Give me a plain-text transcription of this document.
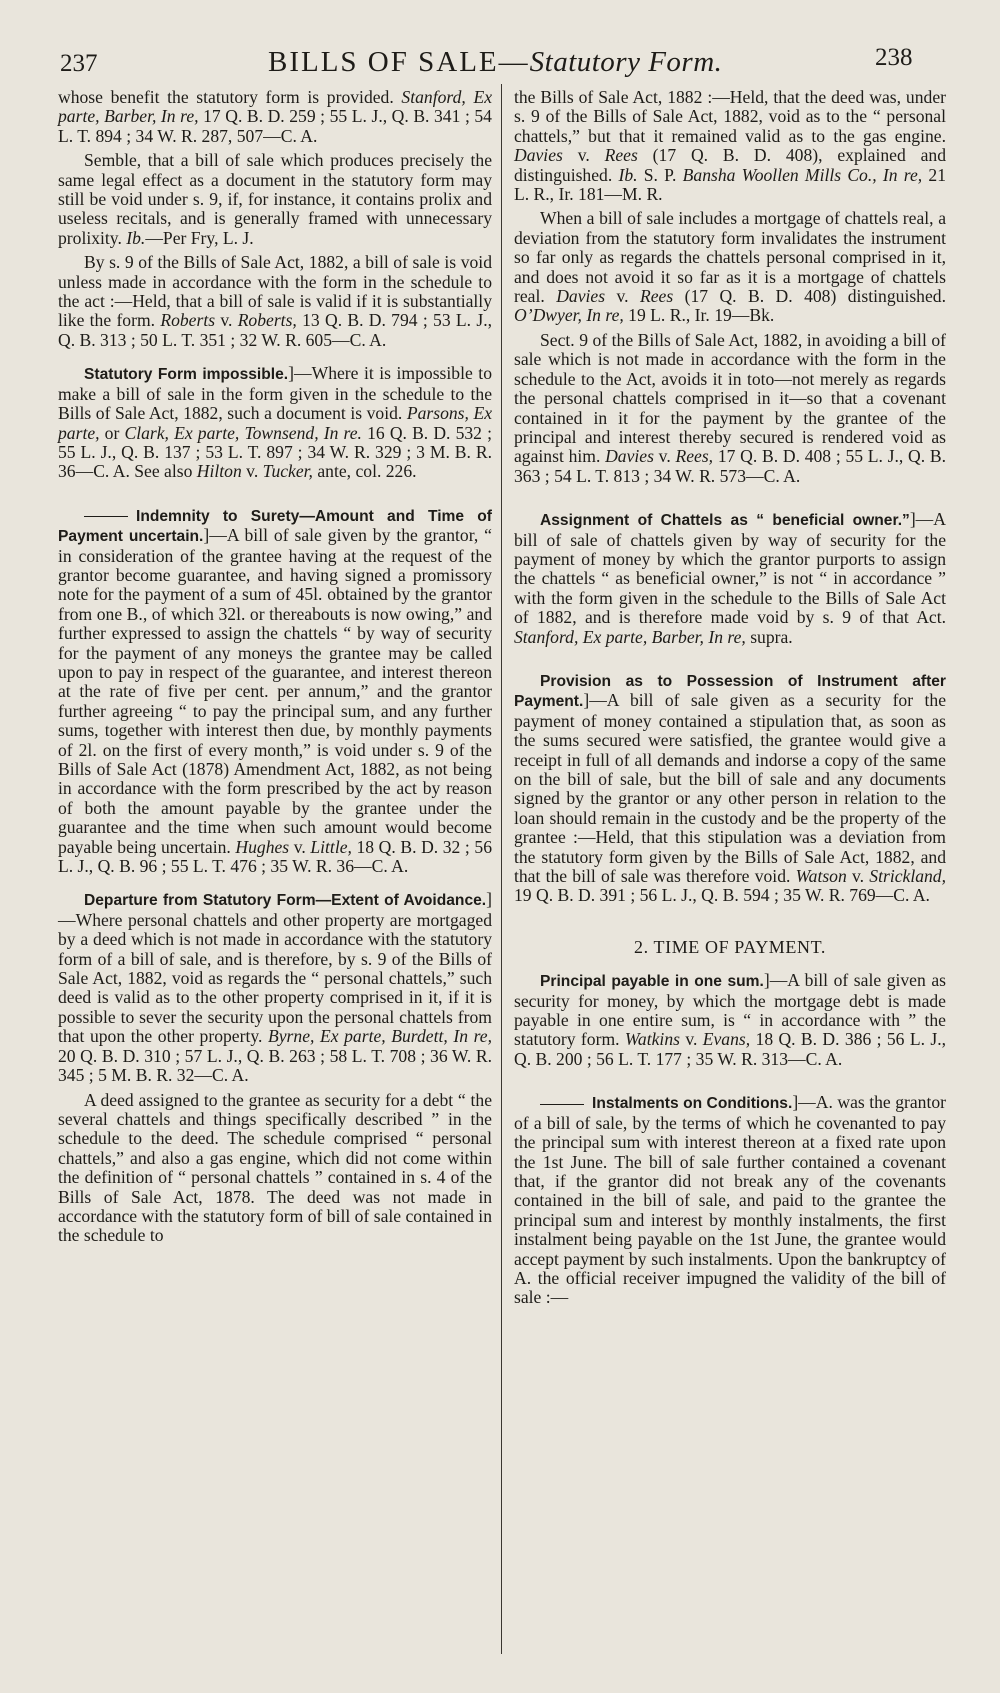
237	BILLS OF SALE—Statutory Form.	238

whose benefit the statutory form is provided. Stanford, Ex parte, Barber, In re, 17 Q. B. D. 259 ; 55 L. J., Q. B. 341 ; 54 L. T. 894 ; 34 W. R. 287, 507—C. A.

Semble, that a bill of sale which produces precisely the same legal effect as a document in the statutory form may still be void under s. 9, if, for instance, it contains prolix and useless recitals, and is generally framed with unnecessary prolixity. Ib.—Per Fry, L. J.

By s. 9 of the Bills of Sale Act, 1882, a bill of sale is void unless made in accordance with the form in the schedule to the act :—Held, that a bill of sale is valid if it is substantially like the form. Roberts v. Roberts, 13 Q. B. D. 794 ; 53 L. J., Q. B. 313 ; 50 L. T. 351 ; 32 W. R. 605—C. A.

Statutory Form impossible.]—Where it is impossible to make a bill of sale in the form given in the schedule to the Bills of Sale Act, 1882, such a document is void. Parsons, Ex parte, or Clark, Ex parte, Townsend, In re. 16 Q. B. D. 532 ; 55 L. J., Q. B. 137 ; 53 L. T. 897 ; 34 W. R. 329 ; 3 M. B. R. 36—C. A. See also Hilton v. Tucker, ante, col. 226.

Indemnity to Surety—Amount and Time of Payment uncertain.]—A bill of sale given by the grantor, “ in consideration of the grantee having at the request of the grantor become guarantee, and having signed a promissory note for the payment of a sum of 45l. obtained by the grantor from one B., of which 32l. or thereabouts is now owing,” and further expressed to assign the chattels “ by way of security for the payment of any moneys the grantee may be called upon to pay in respect of the guarantee, and interest thereon at the rate of five per cent. per annum,” and the grantor further agreeing “ to pay the principal sum, and any further sums, together with interest then due, by monthly payments of 2l. on the first of every month,” is void under s. 9 of the Bills of Sale Act (1878) Amendment Act, 1882, as not being in accordance with the form prescribed by the act by reason of both the amount payable by the grantee under the guarantee and the time when such amount would become payable being uncertain. Hughes v. Little, 18 Q. B. D. 32 ; 56 L. J., Q. B. 96 ; 55 L. T. 476 ; 35 W. R. 36—C. A.

Departure from Statutory Form—Extent of Avoidance.]—Where personal chattels and other property are mortgaged by a deed which is not made in accordance with the statutory form of a bill of sale, and is therefore, by s. 9 of the Bills of Sale Act, 1882, void as regards the “ personal chattels,” such deed is valid as to the other property comprised in it, if it is possible to sever the security upon the personal chattels from that upon the other property. Byrne, Ex parte, Burdett, In re, 20 Q. B. D. 310 ; 57 L. J., Q. B. 263 ; 58 L. T. 708 ; 36 W. R. 345 ; 5 M. B. R. 32—C. A.

A deed assigned to the grantee as security for a debt “ the several chattels and things specifically described ” in the schedule to the deed. The schedule comprised “ personal chattels,” and also a gas engine, which did not come within the definition of “ personal chattels ” contained in s. 4 of the Bills of Sale Act, 1878. The deed was not made in accordance with the statutory form of bill of sale contained in the schedule to

the Bills of Sale Act, 1882 :—Held, that the deed was, under s. 9 of the Bills of Sale Act, 1882, void as to the “ personal chattels,” but that it remained valid as to the gas engine. Davies v. Rees (17 Q. B. D. 408), explained and distinguished. Ib. S. P. Bansha Woollen Mills Co., In re, 21 L. R., Ir. 181—M. R.

When a bill of sale includes a mortgage of chattels real, a deviation from the statutory form invalidates the instrument so far only as regards the chattels personal comprised in it, and does not avoid it so far as it is a mortgage of chattels real. Davies v. Rees (17 Q. B. D. 408) distinguished. O’Dwyer, In re, 19 L. R., Ir. 19—Bk.

Sect. 9 of the Bills of Sale Act, 1882, in avoiding a bill of sale which is not made in accordance with the form in the schedule to the Act, avoids it in toto—not merely as regards the personal chattels comprised in it—so that a covenant contained in it for the payment by the grantee of the principal and interest thereby secured is rendered void as against him. Davies v. Rees, 17 Q. B. D. 408 ; 55 L. J., Q. B. 363 ; 54 L. T. 813 ; 34 W. R. 573—C. A.

Assignment of Chattels as “ beneficial owner.”]—A bill of sale of chattels given by way of security for the payment of money by which the grantor purports to assign the chattels “ as beneficial owner,” is not “ in accordance ” with the form given in the schedule to the Bills of Sale Act of 1882, and is therefore made void by s. 9 of that Act. Stanford, Ex parte, Barber, In re, supra.

Provision as to Possession of Instrument after Payment.]—A bill of sale given as a security for the payment of money contained a stipulation that, as soon as the sums secured were satisfied, the grantee would give a receipt in full of all demands and indorse a copy of the same on the bill of sale, but the bill of sale and any documents signed by the grantor or any other person in relation to the loan should remain in the custody and be the property of the grantee :—Held, that this stipulation was a deviation from the statutory form given by the Bills of Sale Act, 1882, and that the bill of sale was therefore void. Watson v. Strickland, 19 Q. B. D. 391 ; 56 L. J., Q. B. 594 ; 35 W. R. 769—C. A.

2. TIME OF PAYMENT.

Principal payable in one sum.]—A bill of sale given as security for money, by which the mortgage debt is made payable in one entire sum, is “ in accordance with ” the statutory form. Watkins v. Evans, 18 Q. B. D. 386 ; 56 L. J., Q. B. 200 ; 56 L. T. 177 ; 35 W. R. 313—C. A.

Instalments on Conditions.]—A. was the grantor of a bill of sale, by the terms of which he covenanted to pay the principal sum with interest thereon at a fixed rate upon the 1st June. The bill of sale further contained a covenant that, if the grantor did not break any of the covenants contained in the bill of sale, and paid to the grantee the principal sum and interest by monthly instalments, the first instalment being payable on the 1st June, the grantee would accept payment by such instalments. Upon the bankruptcy of A. the official receiver impugned the validity of the bill of sale :—
